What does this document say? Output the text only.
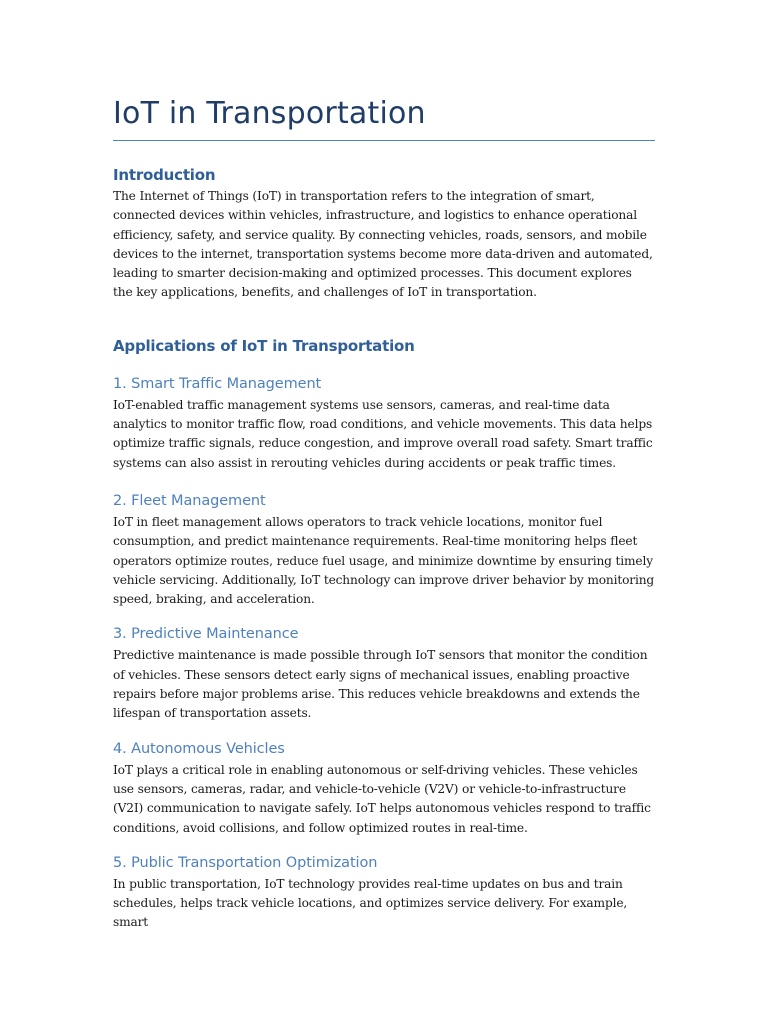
IoT in Transportation
Introduction

The Internet of Things (IoT) in transportation refers to the integration of smart, connected devices within vehicles, infrastructure, and logistics to enhance operational efficiency, safety, and service quality. By connecting vehicles, roads, sensors, and mobile devices to the internet, transportation systems become more data-driven and automated, leading to smarter decision-making and optimized processes. This document explores the key applications, benefits, and challenges of IoT in transportation.

Applications of IoT in Transportation
1. Smart Traffic Management

IoT-enabled traffic management systems use sensors, cameras, and real-time data analytics to monitor traffic flow, road conditions, and vehicle movements. This data helps optimize traffic signals, reduce congestion, and improve overall road safety. Smart traffic systems can also assist in rerouting vehicles during accidents or peak traffic times.

2. Fleet Management

IoT in fleet management allows operators to track vehicle locations, monitor fuel consumption, and predict maintenance requirements. Real-time monitoring helps fleet operators optimize routes, reduce fuel usage, and minimize downtime by ensuring timely vehicle servicing. Additionally, IoT technology can improve driver behavior by monitoring speed, braking, and acceleration.

3. Predictive Maintenance

Predictive maintenance is made possible through IoT sensors that monitor the condition of vehicles. These sensors detect early signs of mechanical issues, enabling proactive repairs before major problems arise. This reduces vehicle breakdowns and extends the lifespan of transportation assets.

4. Autonomous Vehicles

IoT plays a critical role in enabling autonomous or self-driving vehicles. These vehicles use sensors, cameras, radar, and vehicle-to-vehicle (V2V) or vehicle-to-infrastructure (V2I) communication to navigate safely. IoT helps autonomous vehicles respond to traffic conditions, avoid collisions, and follow optimized routes in real-time.

5. Public Transportation Optimization

In public transportation, IoT technology provides real-time updates on bus and train schedules, helps track vehicle locations, and optimizes service delivery. For example, smart
